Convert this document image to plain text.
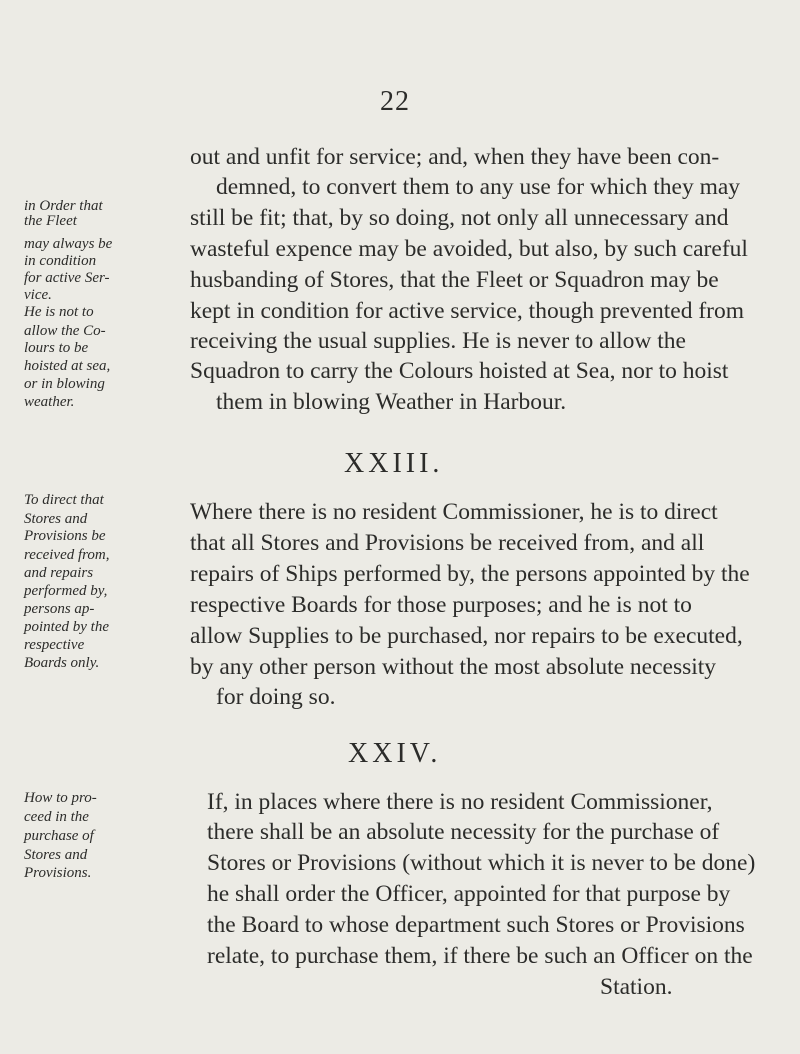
22
out and unfit for service; and, when they have been con-
demned, to convert them to any use for which they may
still be fit; that, by so doing, not only all unnecessary and
wasteful expence may be avoided, but also, by such careful
husbanding of Stores, that the Fleet or Squadron may be
kept in condition for active service, though prevented from
receiving the usual supplies. He is never to allow the
Squadron to carry the Colours hoisted at Sea, nor to hoist
them in blowing Weather in Harbour.
in Order that
the Fleet
may always be
in condition
for active Ser-
vice.
He is not to
allow the Co-
lours to be
hoisted at sea,
or in blowing
weather.
XXIII.
Where there is no resident Commissioner, he is to direct
that all Stores and Provisions be received from, and all
repairs of Ships performed by, the persons appointed by the
respective Boards for those purposes; and he is not to
allow Supplies to be purchased, nor repairs to be executed,
by any other person without the most absolute necessity
for doing so.
To direct that
Stores and
Provisions be
received from,
and repairs
performed by,
persons ap-
pointed by the
respective
Boards only.
XXIV.
If, in places where there is no resident Commissioner,
there shall be an absolute necessity for the purchase of
Stores or Provisions (without which it is never to be done)
he shall order the Officer, appointed for that purpose by
the Board to whose department such Stores or Provisions
relate, to purchase them, if there be such an Officer on the
Station.
How to pro-
ceed in the
purchase of
Stores and
Provisions.
